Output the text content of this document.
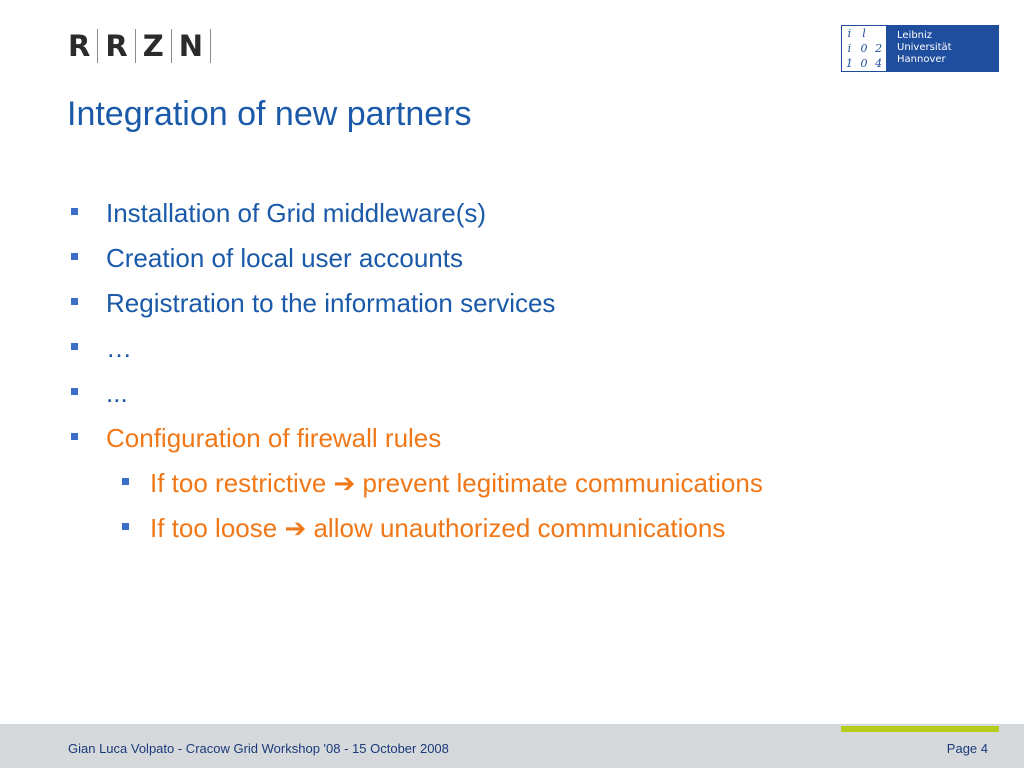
R R Z N	i l
i 0 2
1 0 4
Leibniz
Universität
Hannover
Integration of new partners
Installation of Grid middleware(s)
Creation of local user accounts
Registration to the information services
…
...
Configuration of firewall rules
If too restrictive ➔ prevent legitimate communications
If too loose ➔ allow unauthorized communications
Gian Luca Volpato - Cracow Grid Workshop '08 - 15 October 2008	Page 4
